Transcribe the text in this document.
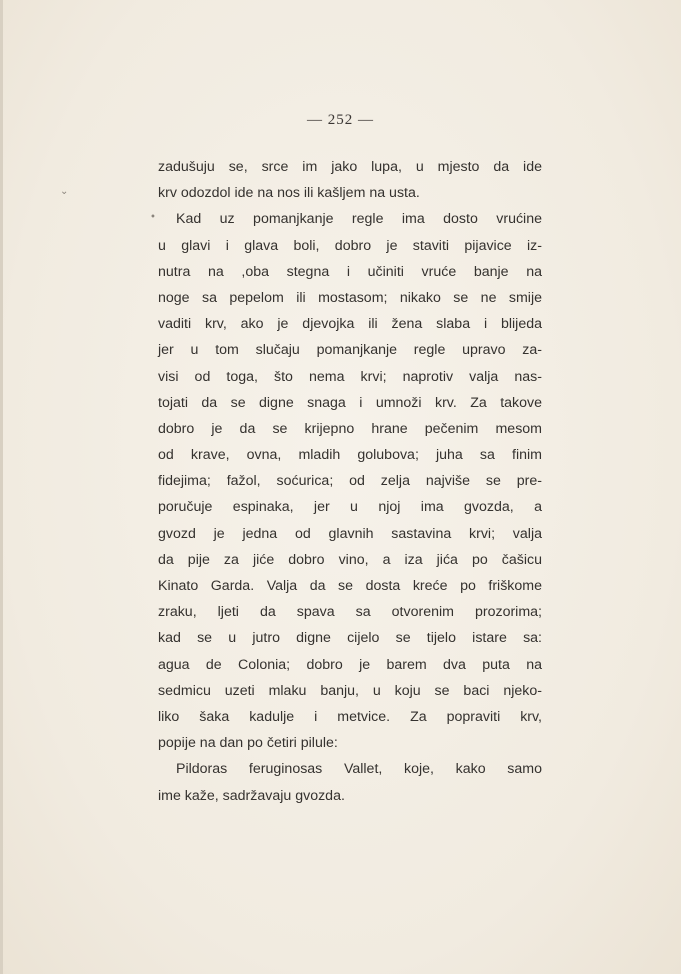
— 252 —
zadušuju se, srce im jako lupa, u mjesto da ide
krv odozdol ide na nos ili kašljem na usta.
Kad uz pomanjkanje regle ima dosto vrućine
u glavi i glava boli, dobro je staviti pijavice iz-
nutra na ,oba stegna i učiniti vruće banje na
noge sa pepelom ili mostasom; nikako se ne smije
vaditi krv, ako je djevojka ili žena slaba i blijeda
jer u tom slučaju pomanjkanje regle upravo za-
visi od toga, što nema krvi; naprotiv valja nas-
tojati da se digne snaga i umnoži krv. Za takove
dobro je da se krijepno hrane pečenim mesom
od krave, ovna, mladih golubova; juha sa finim
fidejima; fažol, soćurica; od zelja najviše se pre-
poručuje espinaka, jer u njoj ima gvozda, a
gvozd je jedna od glavnih sastavina krvi; valja
da pije za jiće dobro vino, a iza jića po čašicu
Kinato Garda. Valja da se dosta kreće po friškome
zraku, ljeti da spava sa otvorenim prozorima;
kad se u jutro digne cijelo se tijelo istare sa:
agua de Colonia; dobro je barem dva puta na
sedmicu uzeti mlaku banju, u koju se baci njeko-
liko šaka kadulje i metvice. Za popraviti krv,
popije na dan po četiri pilule:
Pildoras feruginosas Vallet, koje, kako samo
ime kaže, sadržavaju gvozda.
⌄
•
